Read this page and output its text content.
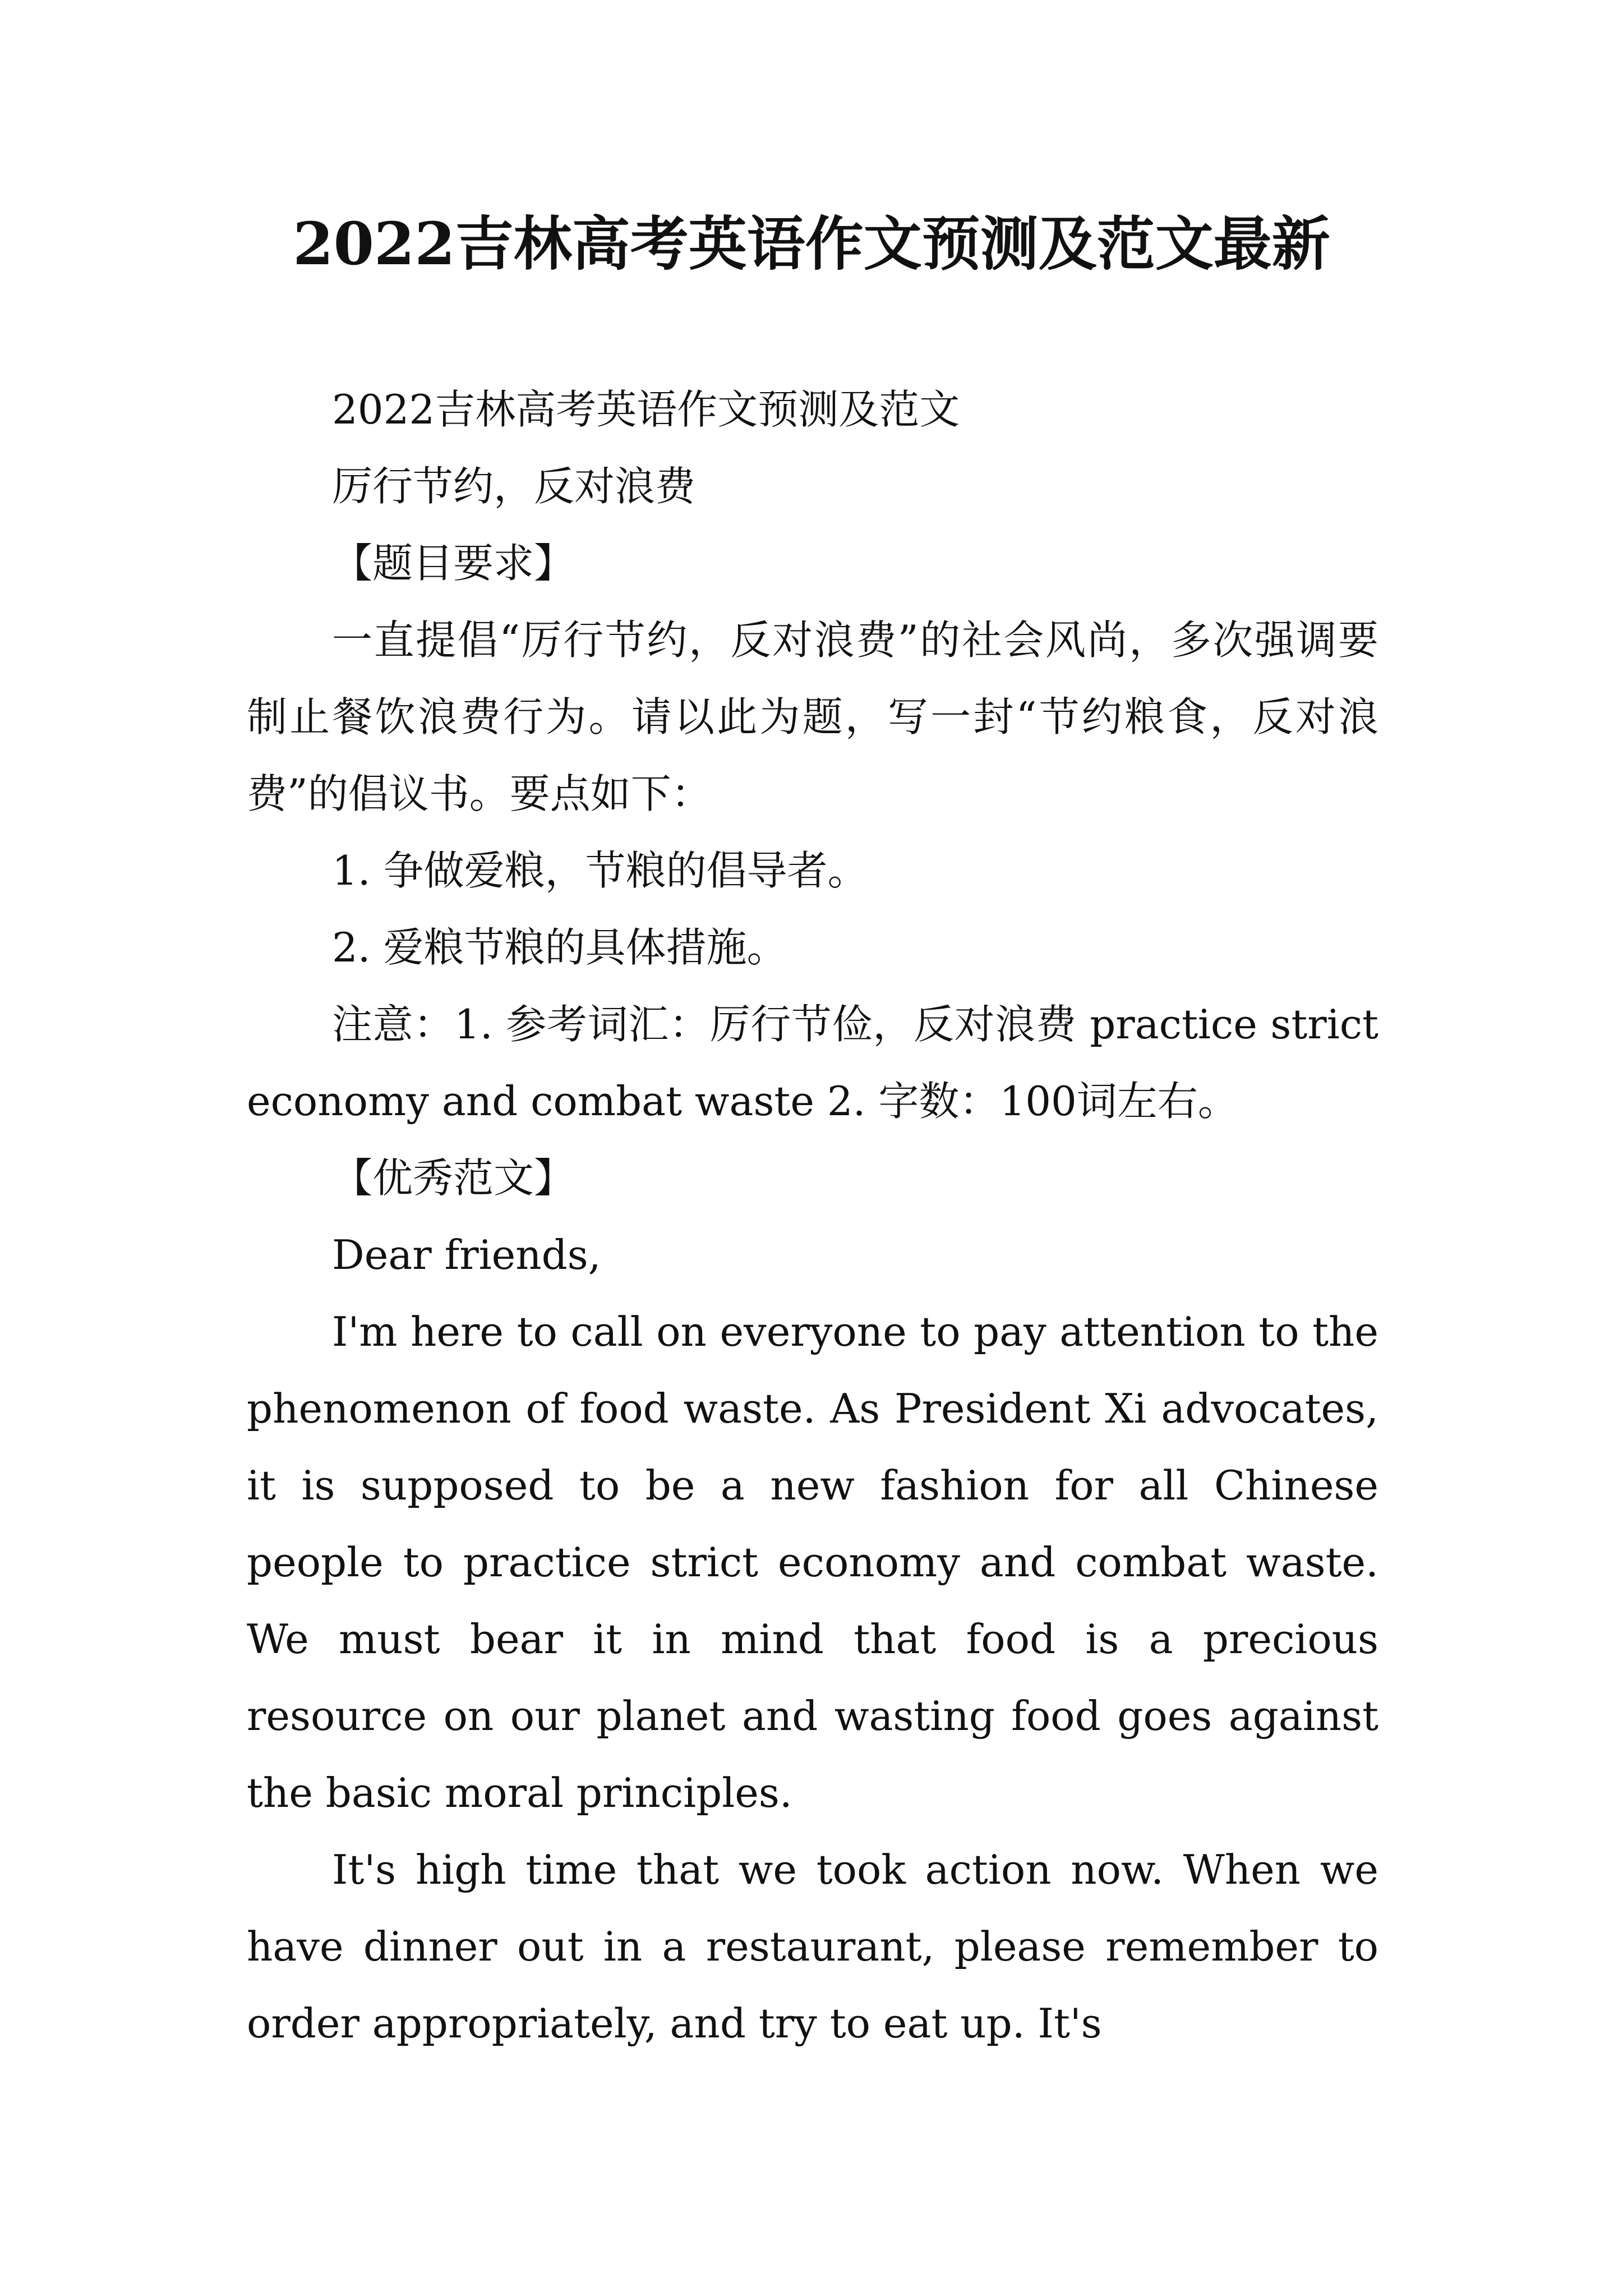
2022吉林高考英语作文预测及范文最新

2022吉林高考英语作文预测及范文

厉行节约，反对浪费

【题目要求】

一直提倡“厉行节约，反对浪费”的社会风尚，多次强调要制止餐饮浪费行为。请以此为题，写一封“节约粮食，反对浪费”的倡议书。要点如下：

1. 争做爱粮，节粮的倡导者。

2. 爱粮节粮的具体措施。

注意：1. 参考词汇：厉行节俭，反对浪费 practice strict economy and combat waste 2. 字数：100词左右。

【优秀范文】

Dear friends,

I'm here to call on everyone to pay attention to the phenomenon of food waste. As President Xi advocates, it is supposed to be a new fashion for all Chinese people to practice strict economy and combat waste. We must bear it in mind that food is a precious resource on our planet and wasting food goes against the basic moral principles.

It's high time that we took action now. When we have dinner out in a restaurant, please remember to order appropriately, and try to eat up. It's
